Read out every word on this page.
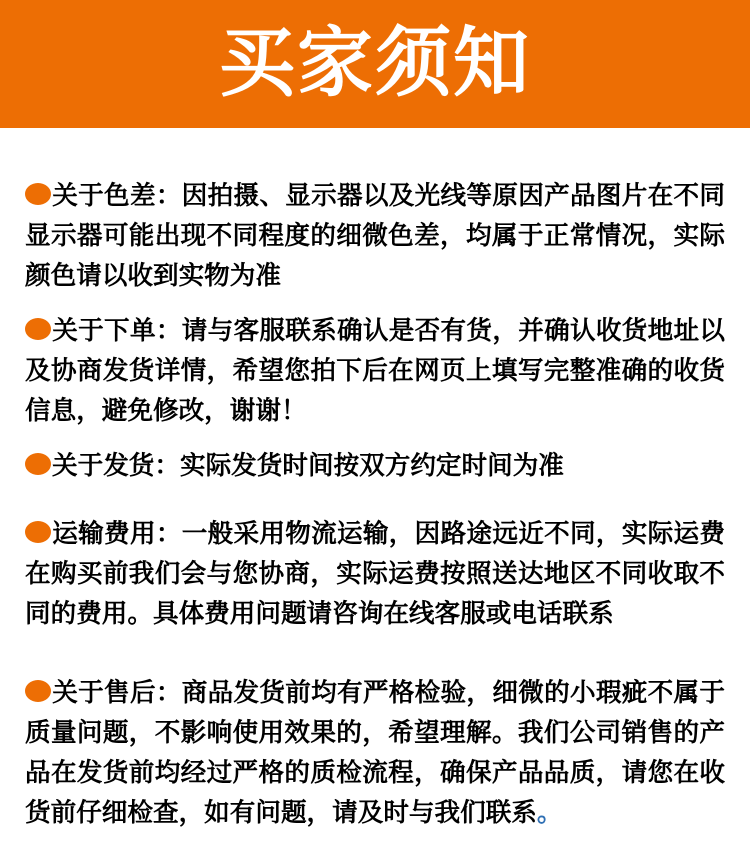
买家须知

关于色差：因拍摄、显示器以及光线等原因产品图片在不同显示器可能出现不同程度的细微色差，均属于正常情况，实际颜色请以收到实物为准

关于下单：请与客服联系确认是否有货，并确认收货地址以及协商发货详情，希望您拍下后在网页上填写完整准确的收货信息，避免修改，谢谢！

关于发货：实际发货时间按双方约定时间为准

运输费用：一般采用物流运输，因路途远近不同，实际运费在购买前我们会与您协商，实际运费按照送达地区不同收取不同的费用。具体费用问题请咨询在线客服或电话联系

关于售后：商品发货前均有严格检验，细微的小瑕疵不属于质量问题，不影响使用效果的，希望理解。我们公司销售的产品在发货前均经过严格的质检流程，确保产品品质，请您在收货前仔细检查，如有问题，请及时与我们联系。
